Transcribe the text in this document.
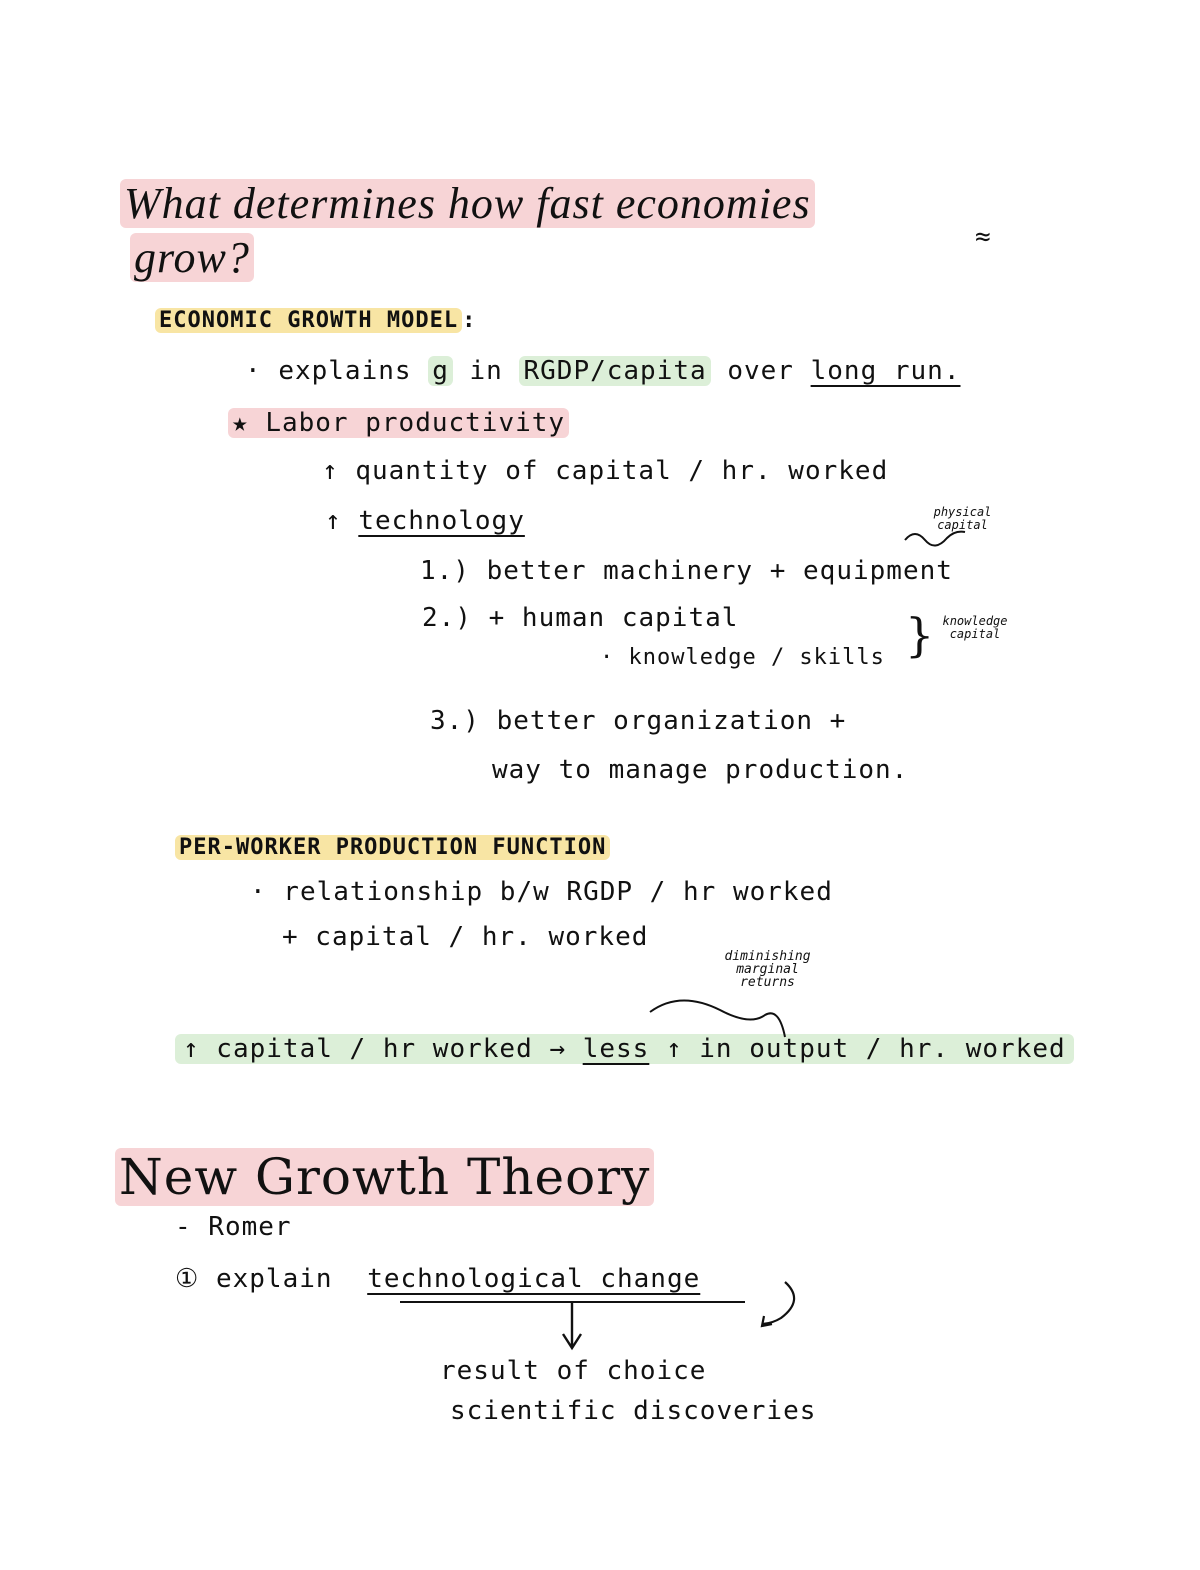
What determines how fast economies
grow?	≈
ECONOMIC GROWTH MODEL :
· explains g in RGDP/capita over long run.
★ Labor productivity
↑ quantity of capital / hr. worked
↑ technology	physical capital
1.) better machinery + equipment
2.) + human capital
· knowledge / skills } knowledge capital
3.) better organization +
way to manage production.
PER-WORKER PRODUCTION FUNCTION
· relationship b/w RGDP / hr worked
+ capital / hr. worked
diminishing marginal returns
↑ capital / hr worked → less ↑ in output / hr. worked
New Growth Theory
- Romer
① explain technological change
result of choice
scientific discoveries
